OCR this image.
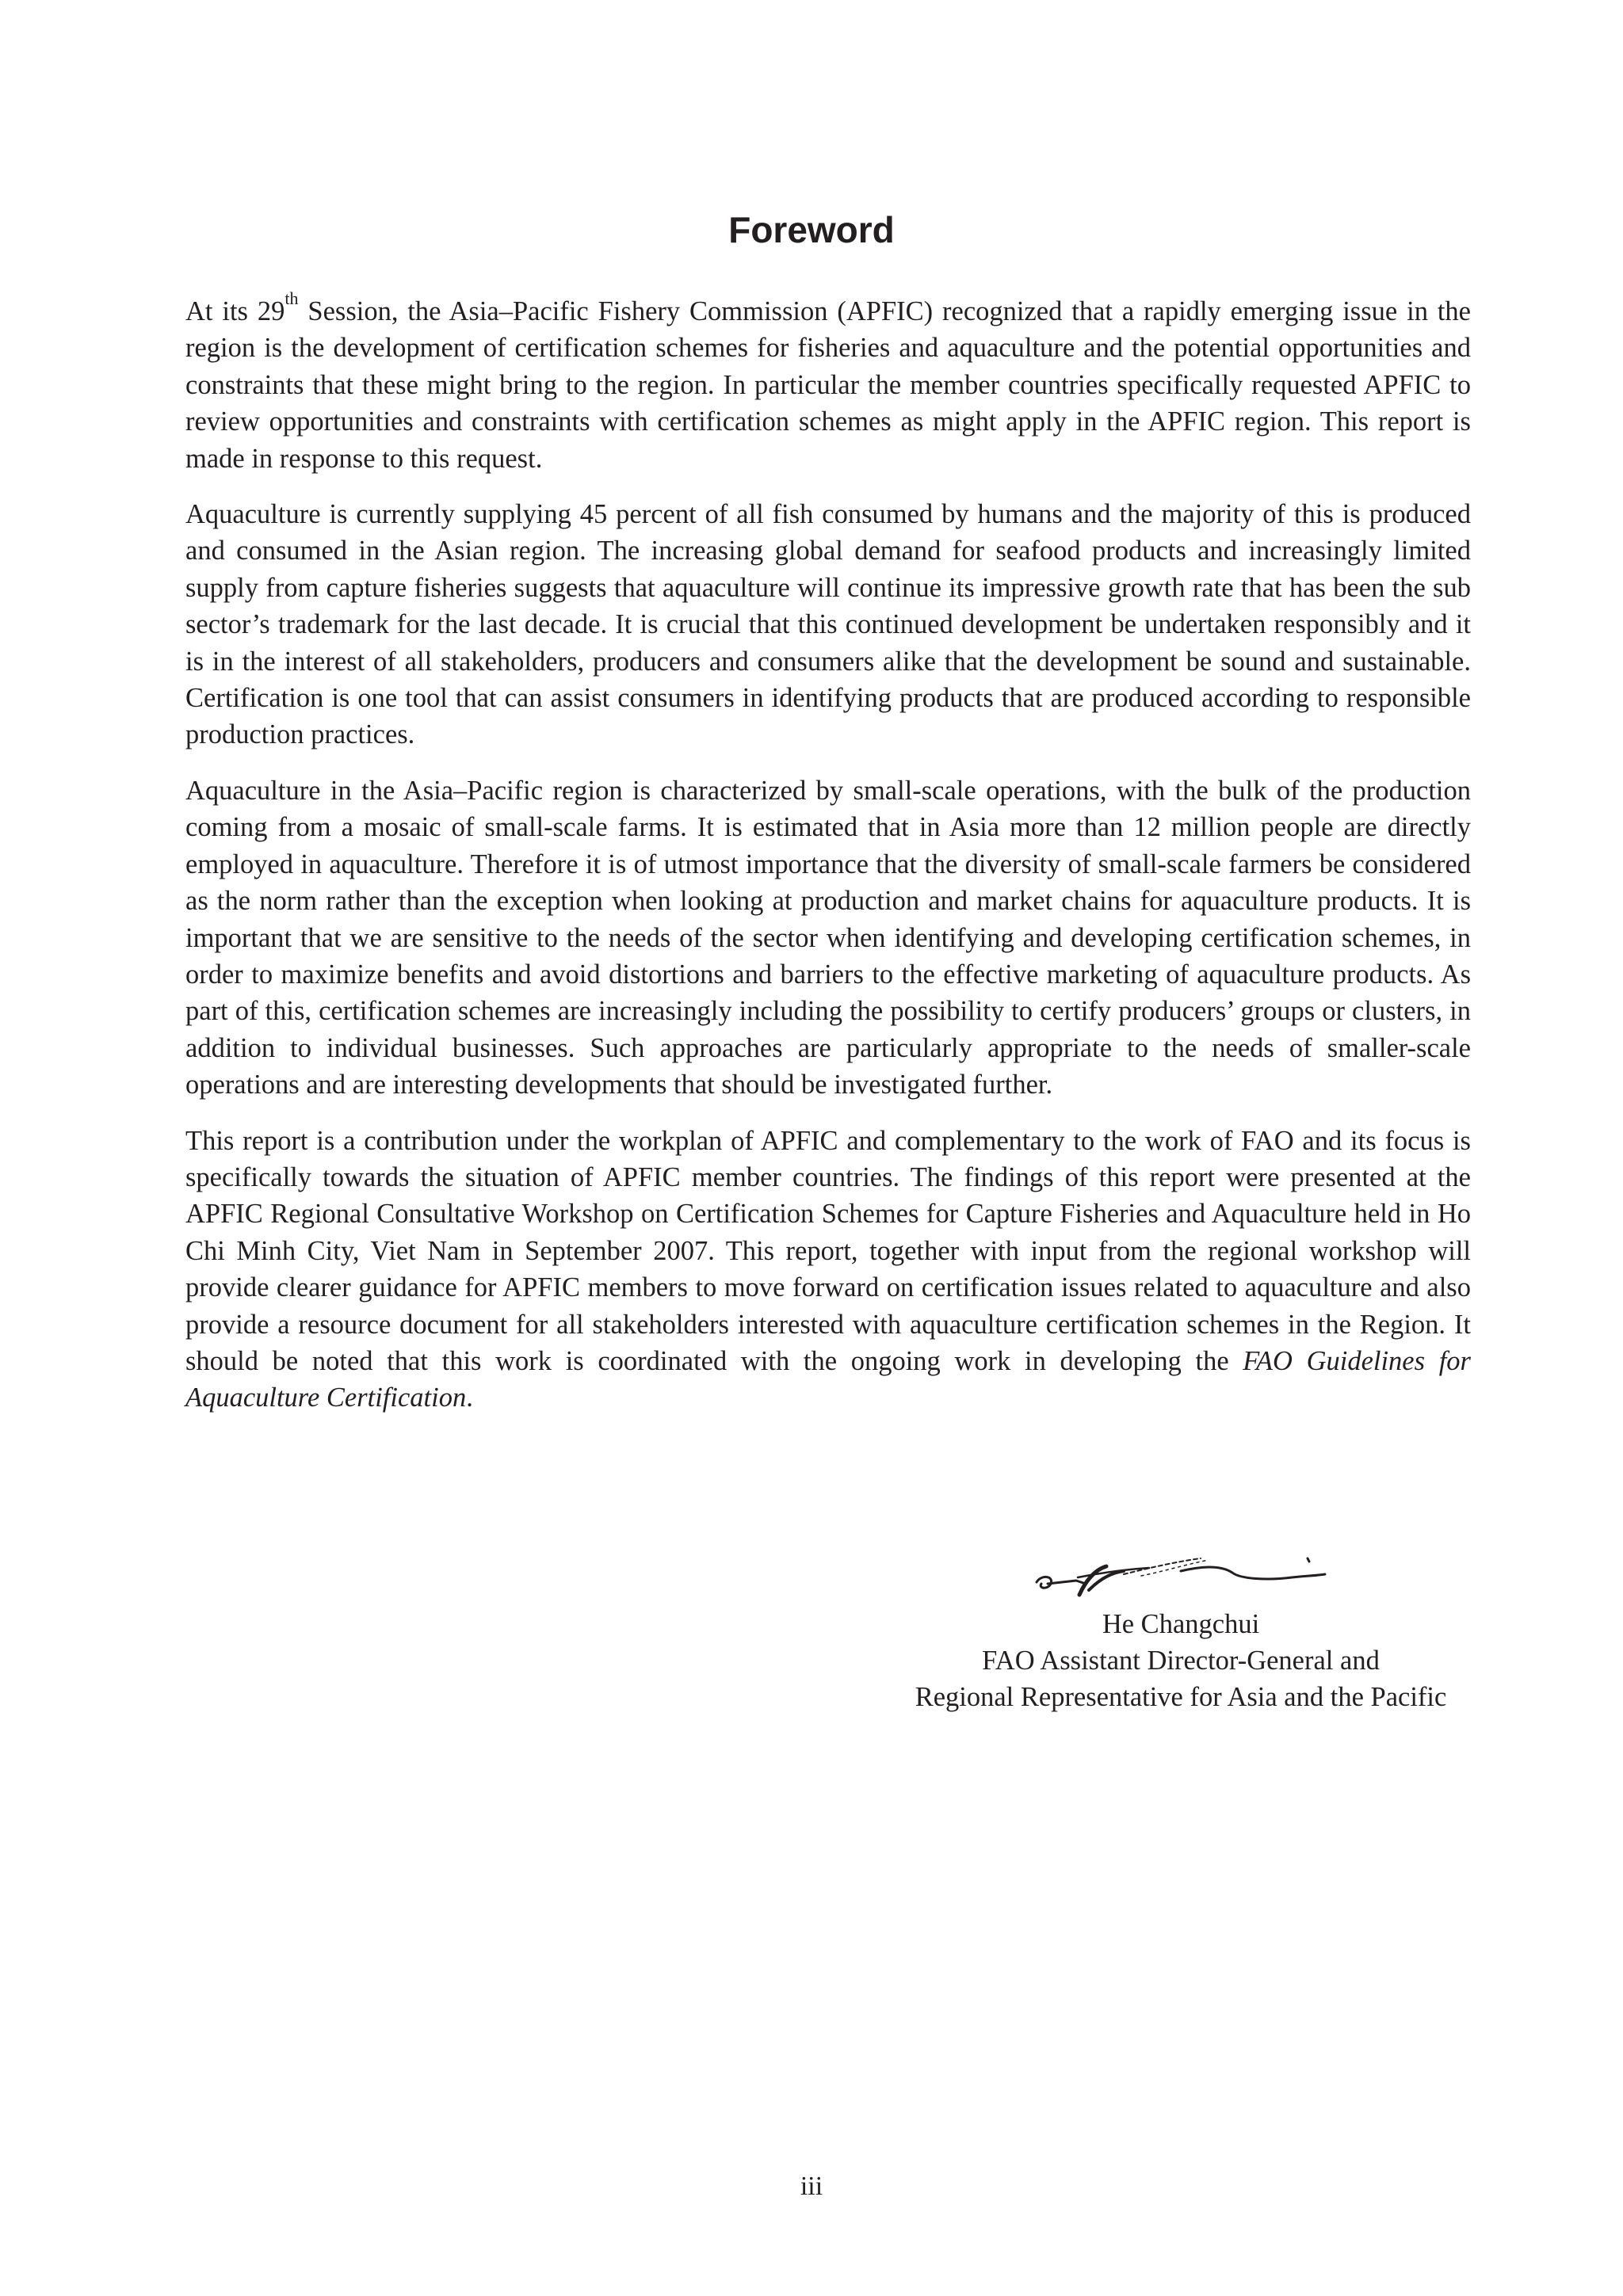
Foreword

At its 29th Session, the Asia–Pacific Fishery Commission (APFIC) recognized that a rapidly emerging issue in the region is the development of certification schemes for fisheries and aquaculture and the potential opportunities and constraints that these might bring to the region. In particular the member countries specifically requested APFIC to review opportunities and constraints with certification schemes as might apply in the APFIC region. This report is made in response to this request.

Aquaculture is currently supplying 45 percent of all fish consumed by humans and the majority of this is produced and consumed in the Asian region. The increasing global demand for seafood products and increasingly limited supply from capture fisheries suggests that aquaculture will continue its impressive growth rate that has been the sub sector’s trademark for the last decade. It is crucial that this continued development be undertaken responsibly and it is in the interest of all stakeholders, producers and consumers alike that the development be sound and sustainable. Certification is one tool that can assist consumers in identifying products that are produced according to responsible production practices.

Aquaculture in the Asia–Pacific region is characterized by small-scale operations, with the bulk of the production coming from a mosaic of small-scale farms. It is estimated that in Asia more than 12 million people are directly employed in aquaculture. Therefore it is of utmost importance that the diversity of small-scale farmers be considered as the norm rather than the exception when looking at production and market chains for aquaculture products. It is important that we are sensitive to the needs of the sector when identifying and developing certification schemes, in order to maximize benefits and avoid distortions and barriers to the effective marketing of aquaculture products. As part of this, certification schemes are increasingly including the possibility to certify producers’ groups or clusters, in addition to individual businesses. Such approaches are particularly appropriate to the needs of smaller-scale operations and are interesting developments that should be investigated further.

This report is a contribution under the workplan of APFIC and complementary to the work of FAO and its focus is specifically towards the situation of APFIC member countries. The findings of this report were presented at the APFIC Regional Consultative Workshop on Certification Schemes for Capture Fisheries and Aquaculture held in Ho Chi Minh City, Viet Nam in September 2007. This report, together with input from the regional workshop will provide clearer guidance for APFIC members to move forward on certification issues related to aquaculture and also provide a resource document for all stakeholders interested with aquaculture certification schemes in the Region. It should be noted that this work is coordinated with the ongoing work in developing the FAO Guidelines for Aquaculture Certification.

He Changchui
FAO Assistant Director-General and
Regional Representative for Asia and the Pacific
iii
